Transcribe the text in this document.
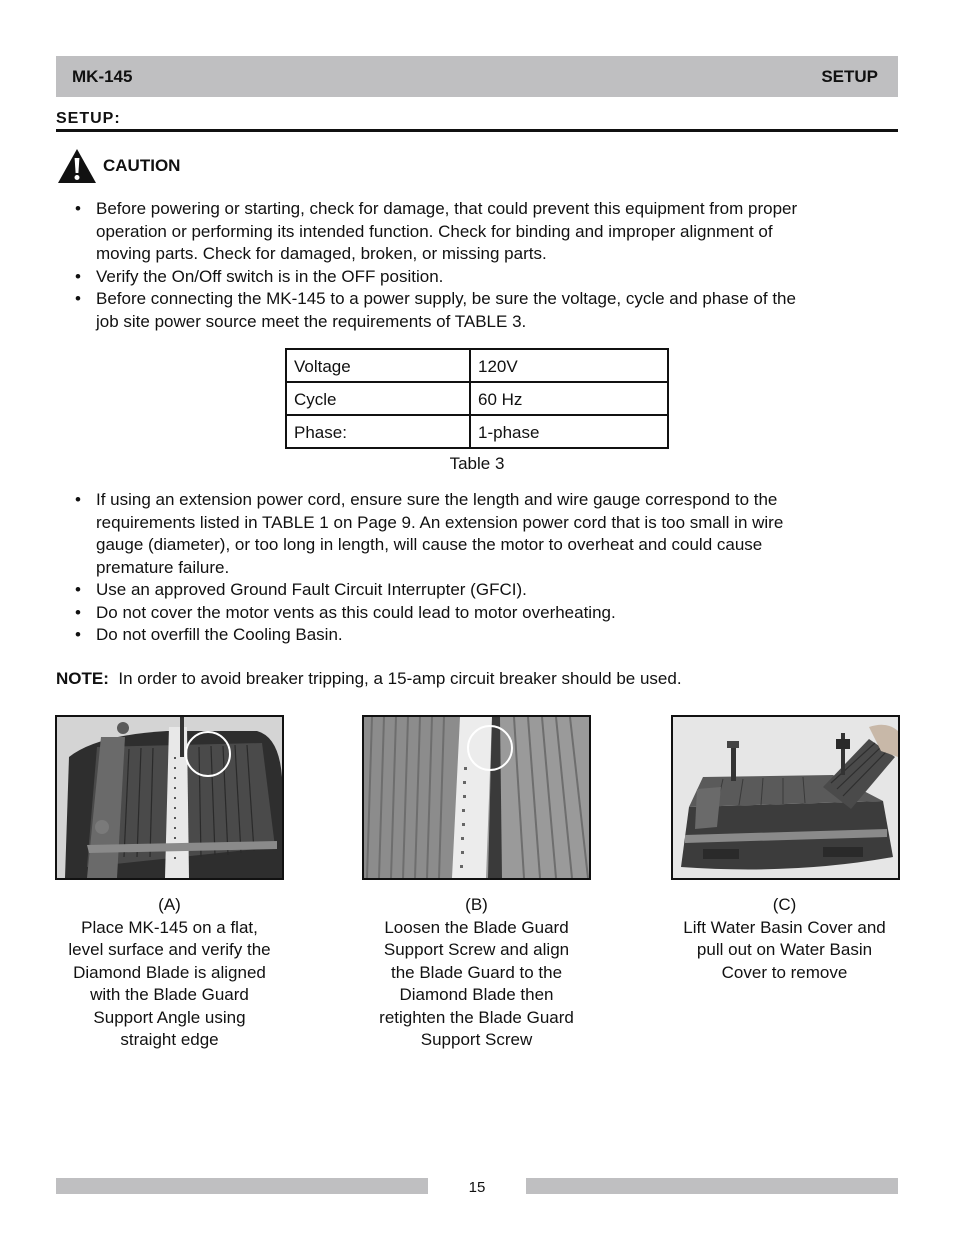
MK-145	SETUP
SETUP:
CAUTION
• Before powering or starting, check for damage, that could prevent this equipment from proper
operation or performing its intended function. Check for binding and improper alignment of
moving parts. Check for damaged, broken, or missing parts.
• Verify the On/Off switch is in the OFF position.
• Before connecting the MK-145 to a power supply, be sure the voltage, cycle and phase of the
job site power source meet the requirements of TABLE 3.
Voltage	120V
Cycle	60 Hz
Phase:	1-phase
Table 3
• If using an extension power cord, ensure sure the length and wire gauge correspond to the
requirements listed in TABLE 1 on Page 9. An extension power cord that is too small in wire
gauge (diameter), or too long in length, will cause the motor to overheat and could cause
premature failure.
• Use an approved Ground Fault Circuit Interrupter (GFCI).
• Do not cover the motor vents as this could lead to motor overheating.
• Do not overfill the Cooling Basin.
NOTE: In order to avoid breaker tripping, a 15-amp circuit breaker should be used.
(A)
Place MK-145 on a flat,
level surface and verify the
Diamond Blade is aligned
with the Blade Guard
Support Angle using
straight edge
(B)
Loosen the Blade Guard
Support Screw and align
the Blade Guard to the
Diamond Blade then
retighten the Blade Guard
Support Screw
(C)
Lift Water Basin Cover and
pull out on Water Basin
Cover to remove
15
